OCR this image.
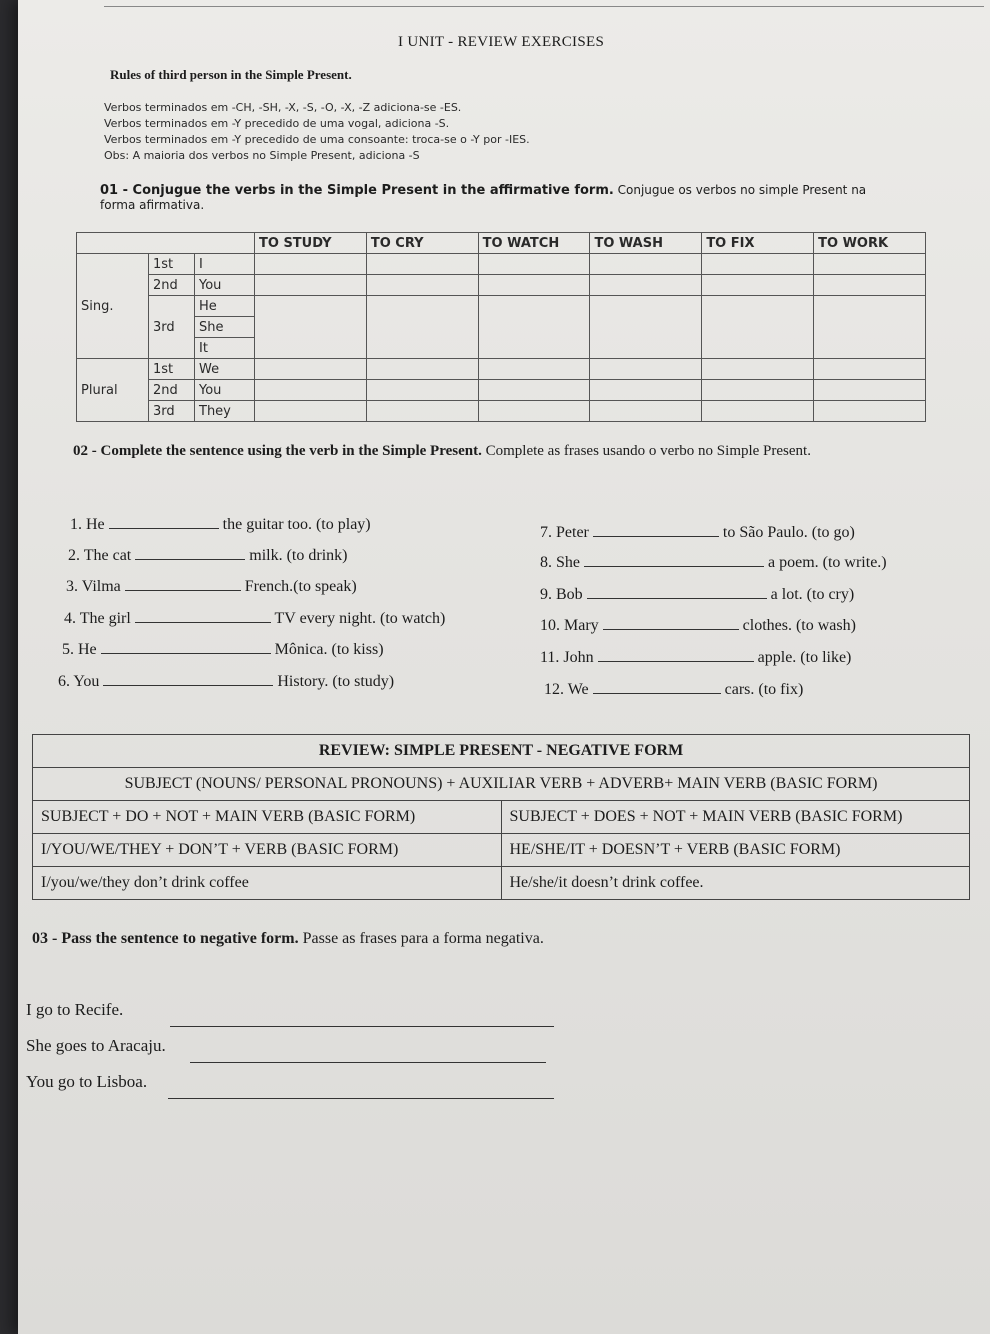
I UNIT - REVIEW EXERCISES
Rules of third person in the Simple Present.
Verbos terminados em -CH, -SH, -X, -S, -O, -X, -Z adiciona-se -ES.
Verbos terminados em -Y precedido de uma vogal, adiciona -S.
Verbos terminados em -Y precedido de uma consoante: troca-se o -Y por -IES.
Obs: A maioria dos verbos no Simple Present, adiciona -S
01 - Conjugue the verbs in the Simple Present in the affirmative form. Conjugue os verbos no simple Present na forma afirmativa.
			TO STUDY	TO CRY	TO WATCH	TO WASH	TO FIX	TO WORK
Sing.	1st	I						
	2nd	You						
	3rd	He						
		She						
		It						
Plural	1st	We						
	2nd	You						
	3rd	They						
02 - Complete the sentence using the verb in the Simple Present. Complete as frases usando o verbo no Simple Present.
1. He	the guitar too. (to play)
2. The cat	milk. (to drink)
3. Vilma	French.(to speak)
4. The girl	TV every night. (to watch)
5. He	Mônica. (to kiss)
6. You	History. (to study)
7. Peter	to São Paulo. (to go)
8. She	a poem. (to write.)
9. Bob	a lot. (to cry)
10. Mary	clothes. (to wash)
11. John	apple. (to like)
12. We	cars. (to fix)
REVIEW: SIMPLE PRESENT - NEGATIVE FORM	
SUBJECT (NOUNS/ PERSONAL PRONOUNS) + AUXILIAR VERB + ADVERB+ MAIN VERB (BASIC FORM)	
SUBJECT + DO + NOT + MAIN VERB (BASIC FORM)	SUBJECT + DOES + NOT + MAIN VERB (BASIC FORM)
I/YOU/WE/THEY + DON’T + VERB (BASIC FORM)	HE/SHE/IT + DOESN’T + VERB (BASIC FORM)
I/you/we/they don’t drink coffee	He/she/it doesn’t drink coffee.
03 - Pass the sentence to negative form. Passe as frases para a forma negativa.
I go to Recife.
She goes to Aracaju.
You go to Lisboa.
